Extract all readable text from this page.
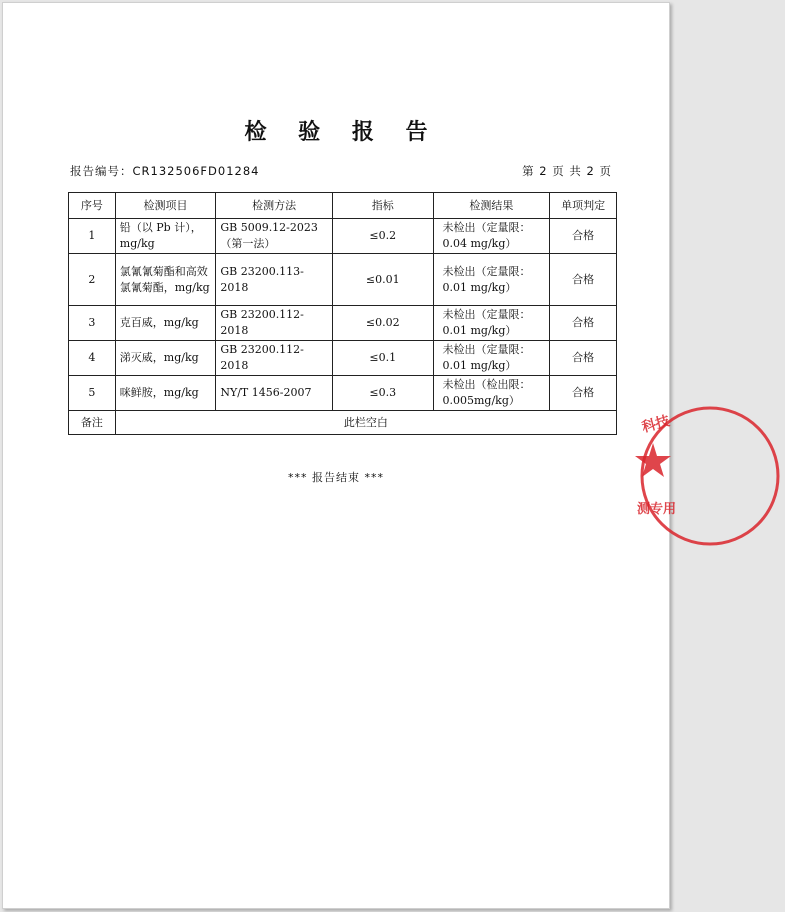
检 验 报 告
报告编号：CR132506FD01284	第 2 页 共 2 页
序号	检测项目	检测方法	指标	检测结果	单项判定
1	铅（以 Pb 计），mg/kg	GB 5009.12-2023（第一法）	≤0.2	未检出（定量限：0.04 mg/kg）	合格
2	氯氰氰菊酯和高效氯氰菊酯，mg/kg	GB 23200.113-2018	≤0.01	未检出（定量限：0.01 mg/kg）	合格
3	克百威，mg/kg	GB 23200.112-2018	≤0.02	未检出（定量限：0.01 mg/kg）	合格
4	涕灭威，mg/kg	GB 23200.112-2018	≤0.1	未检出（定量限：0.01 mg/kg）	合格
5	咪鲜胺，mg/kg	NY/T 1456-2007	≤0.3	未检出（检出限：0.005mg/kg）	合格
备注	此栏空白				
*** 报告结束 ***
科技
测专用
